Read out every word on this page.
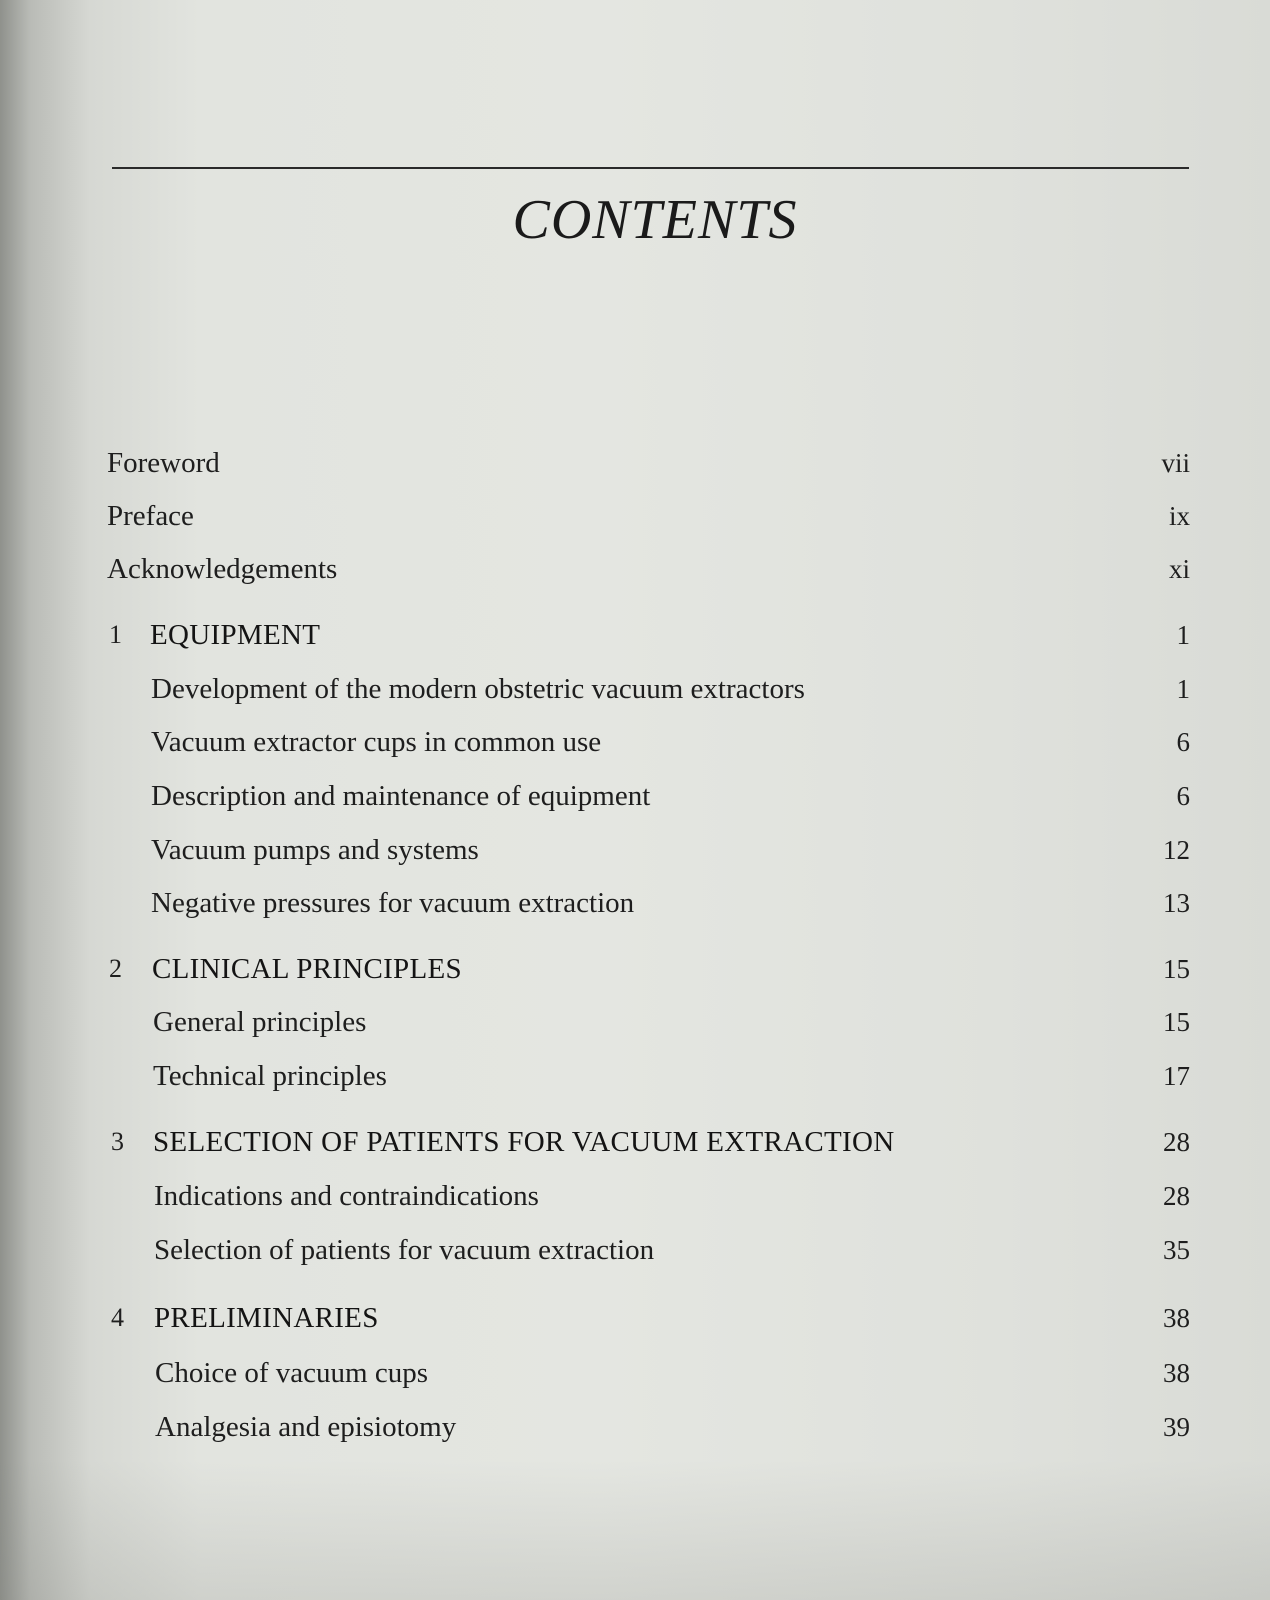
CONTENTS
Foreword	vii
Preface	ix
Acknowledgements	xi
1 EQUIPMENT	1
Development of the modern obstetric vacuum extractors	1
Vacuum extractor cups in common use	6
Description and maintenance of equipment	6
Vacuum pumps and systems	12
Negative pressures for vacuum extraction	13
2 CLINICAL PRINCIPLES	15
General principles	15
Technical principles	17
3 SELECTION OF PATIENTS FOR VACUUM EXTRACTION	28
Indications and contraindications	28
Selection of patients for vacuum extraction	35
4 PRELIMINARIES	38
Choice of vacuum cups	38
Analgesia and episiotomy	39
